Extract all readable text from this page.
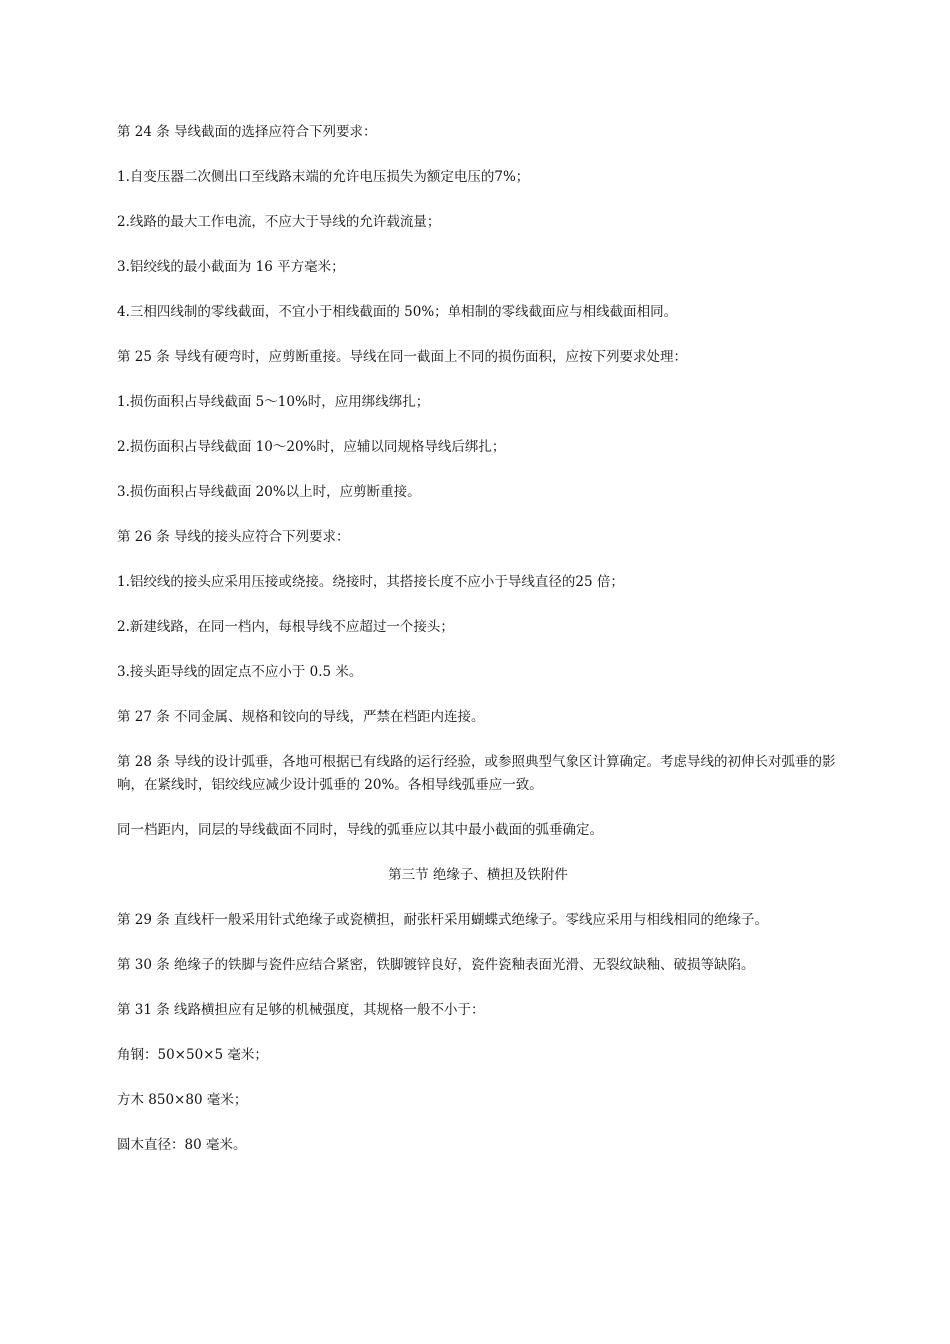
第 24 条 导线截面的选择应符合下列要求：

1.自变压器二次侧出口至线路末端的允许电压损失为额定电压的7%；

2.线路的最大工作电流，不应大于导线的允许载流量；

3.铝绞线的最小截面为 16 平方毫米；

4.三相四线制的零线截面，不宜小于相线截面的 50%；单相制的零线截面应与相线截面相同。

第 25 条 导线有硬弯时，应剪断重接。导线在同一截面上不同的损伤面积，应按下列要求处理：

1.损伤面积占导线截面 5～10%时，应用绑线绑扎；

2.损伤面积占导线截面 10～20%时，应辅以同规格导线后绑扎；

3.损伤面积占导线截面 20%以上时，应剪断重接。

第 26 条 导线的接头应符合下列要求：

1.铝绞线的接头应采用压接或绕接。绕接时，其搭接长度不应小于导线直径的25 倍；

2.新建线路，在同一档内，每根导线不应超过一个接头；

3.接头距导线的固定点不应小于 0.5 米。

第 27 条 不同金属、规格和铰向的导线，严禁在档距内连接。

第 28 条 导线的设计弧垂，各地可根据已有线路的运行经验，或参照典型气象区计算确定。考虑导线的初伸长对弧垂的影响，在紧线时，铝绞线应减少设计弧垂的 20%。各相导线弧垂应一致。

同一档距内，同层的导线截面不同时，导线的弧垂应以其中最小截面的弧垂确定。

第三节 绝缘子、横担及铁附件

第 29 条 直线杆一般采用针式绝缘子或瓷横担，耐张杆采用蝴蝶式绝缘子。零线应采用与相线相同的绝缘子。

第 30 条 绝缘子的铁脚与瓷件应结合紧密，铁脚镀锌良好，瓷件瓷釉表面光滑、无裂纹缺釉、破损等缺陷。

第 31 条 线路横担应有足够的机械强度，其规格一般不小于：

角钢：50×50×5 毫米；

方木 850×80 毫米；

圆木直径：80 毫米。
